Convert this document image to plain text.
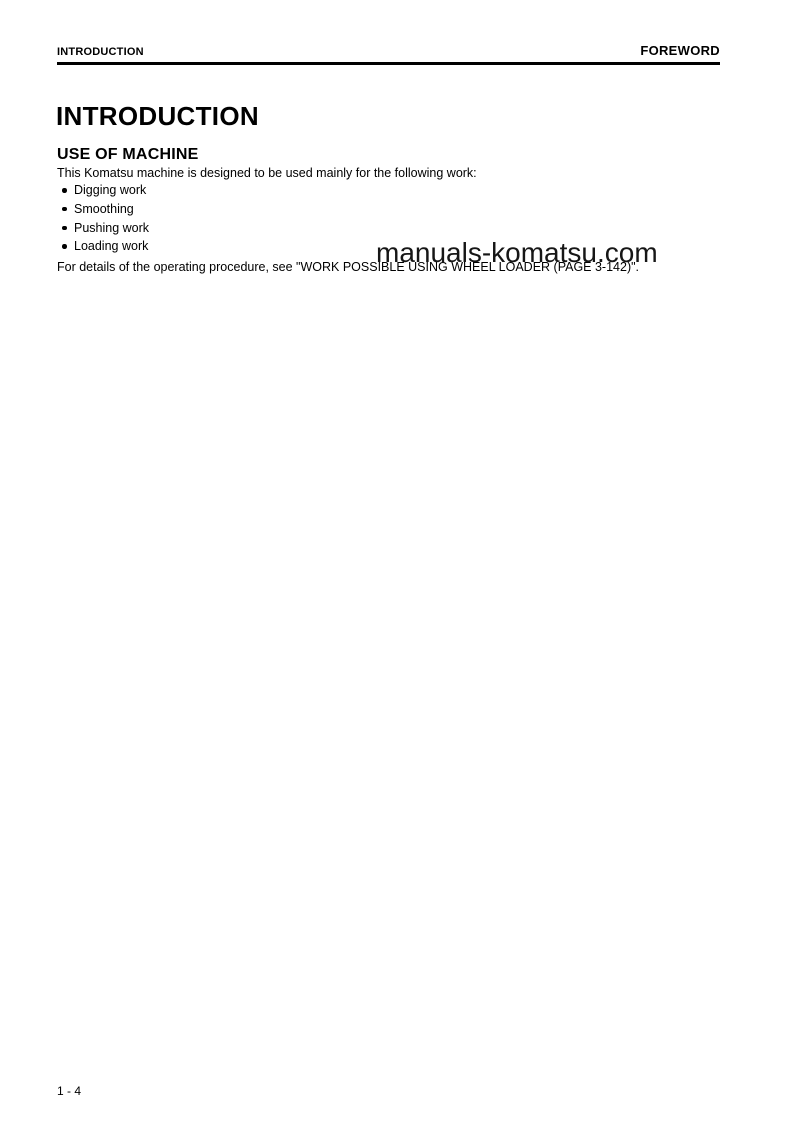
INTRODUCTION	FOREWORD
INTRODUCTION
USE OF MACHINE
This Komatsu machine is designed to be used mainly for the following work:
Digging work
Smoothing
Pushing work
Loading work
For details of the operating procedure, see "WORK POSSIBLE USING WHEEL LOADER (PAGE 3-142)".
manuals-komatsu.com
1 - 4
